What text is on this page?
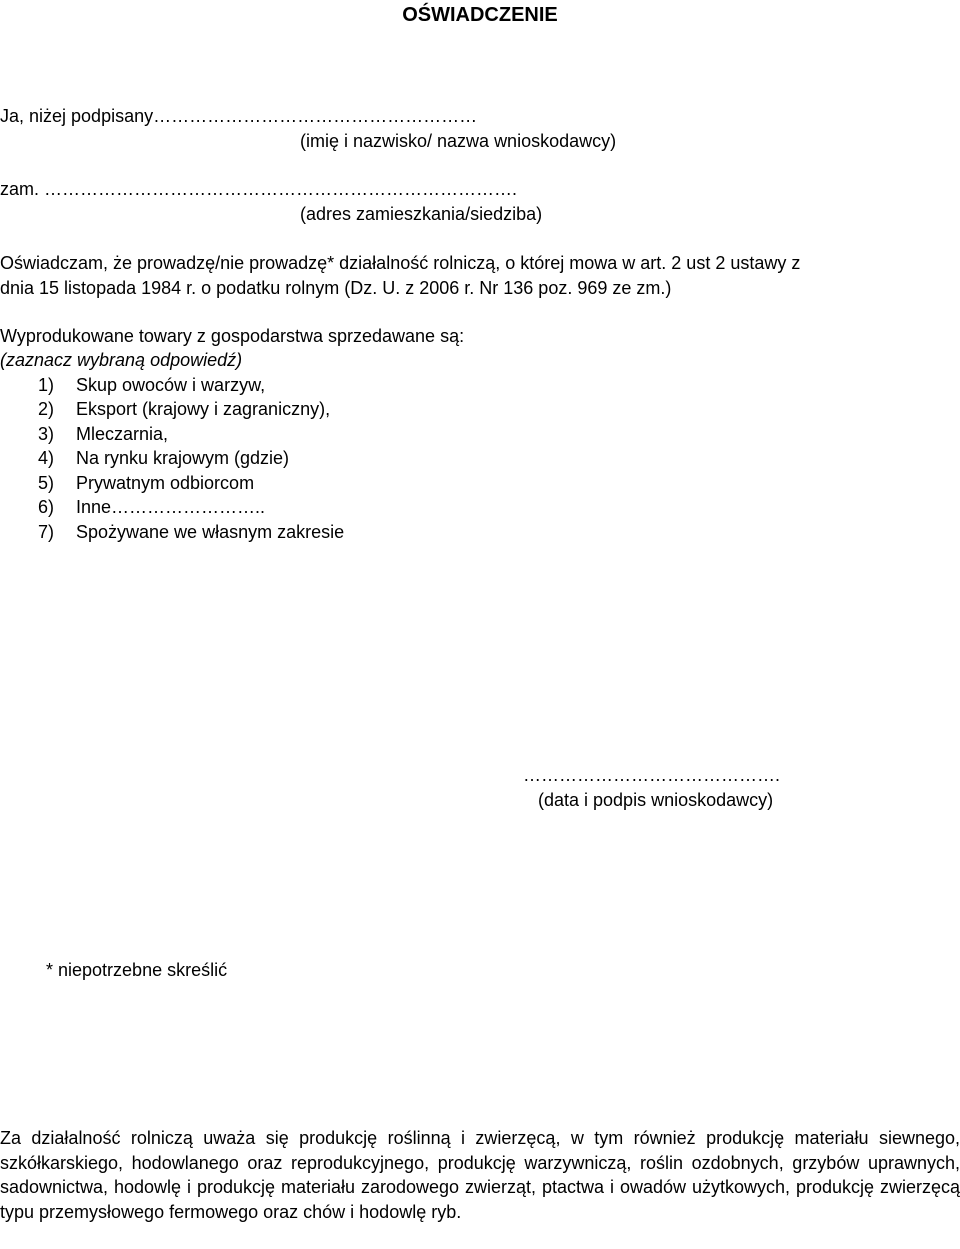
OŚWIADCZENIE
Ja, niżej podpisany………………………………………………
(imię i nazwisko/ nazwa wnioskodawcy)
zam. …………………………………………………………………….
(adres zamieszkania/siedziba)
Oświadczam, że prowadzę/nie prowadzę* działalność rolniczą, o której mowa w art. 2 ust 2 ustawy z
dnia 15 listopada 1984 r. o podatku rolnym (Dz. U. z 2006 r. Nr 136 poz. 969 ze zm.)
Wyprodukowane towary z gospodarstwa sprzedawane są:
(zaznacz wybraną odpowiedź)
1) Skup owoców i warzyw,
2) Eksport (krajowy i zagraniczny),
3) Mleczarnia,
4) Na rynku krajowym (gdzie)
5) Prywatnym odbiorcom
6) Inne……………………..
7) Spożywane we własnym zakresie
…………………………………….
(data i podpis wnioskodawcy)
* niepotrzebne skreślić
Za działalność rolniczą uważa się produkcję roślinną i zwierzęcą, w tym również produkcję materiału siewnego, szkółkarskiego, hodowlanego oraz reprodukcyjnego, produkcję warzywniczą, roślin ozdobnych, grzybów uprawnych, sadownictwa, hodowlę i produkcję materiału zarodowego zwierząt, ptactwa i owadów użytkowych, produkcję zwierzęcą typu przemysłowego fermowego oraz chów i hodowlę ryb.
